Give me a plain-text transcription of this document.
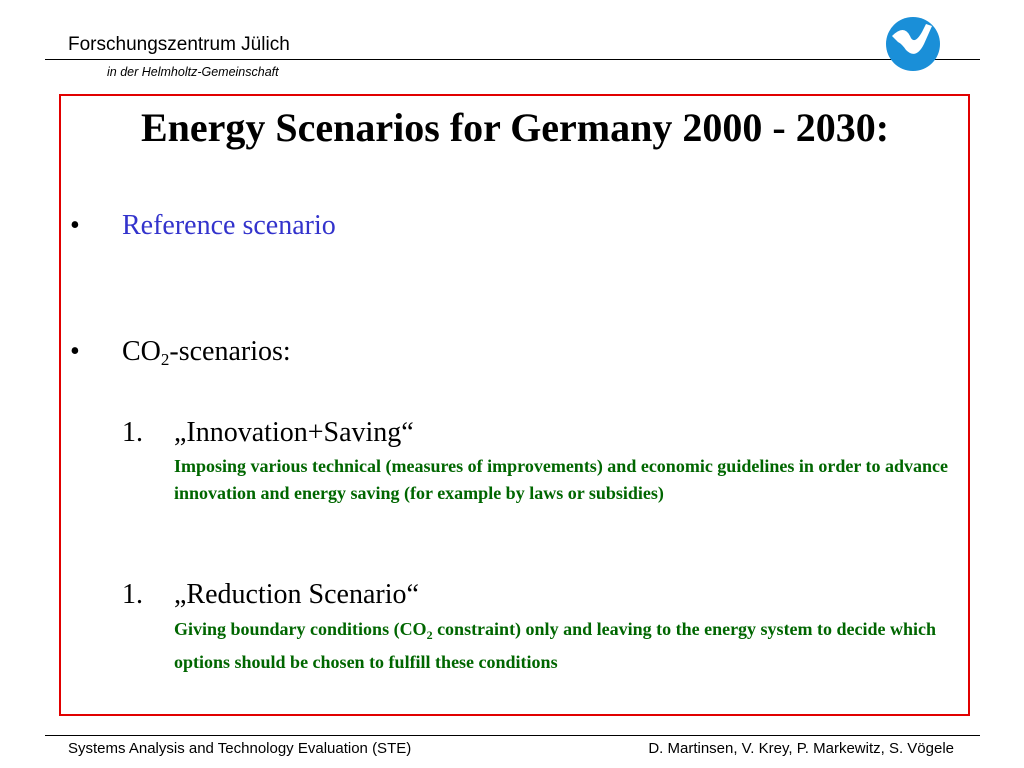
Forschungszentrum Jülich
in der Helmholtz-Gemeinschaft
Energy Scenarios for Germany 2000 - 2030:
• Reference scenario
• $CO_2$-scenarios:
1. „Innovation+Saving“
Imposing various technical (measures of improvements) and economic guidelines in order to advance innovation and energy saving (for example by laws or subsidies)
1. „Reduction Scenario“
Giving boundary conditions ($CO_2$ constraint) only and leaving to the energy system to decide which options should be chosen to fulfill these conditions
Systems Analysis and Technology Evaluation (STE)	D. Martinsen, V. Krey, P. Markewitz, S. Vögele
